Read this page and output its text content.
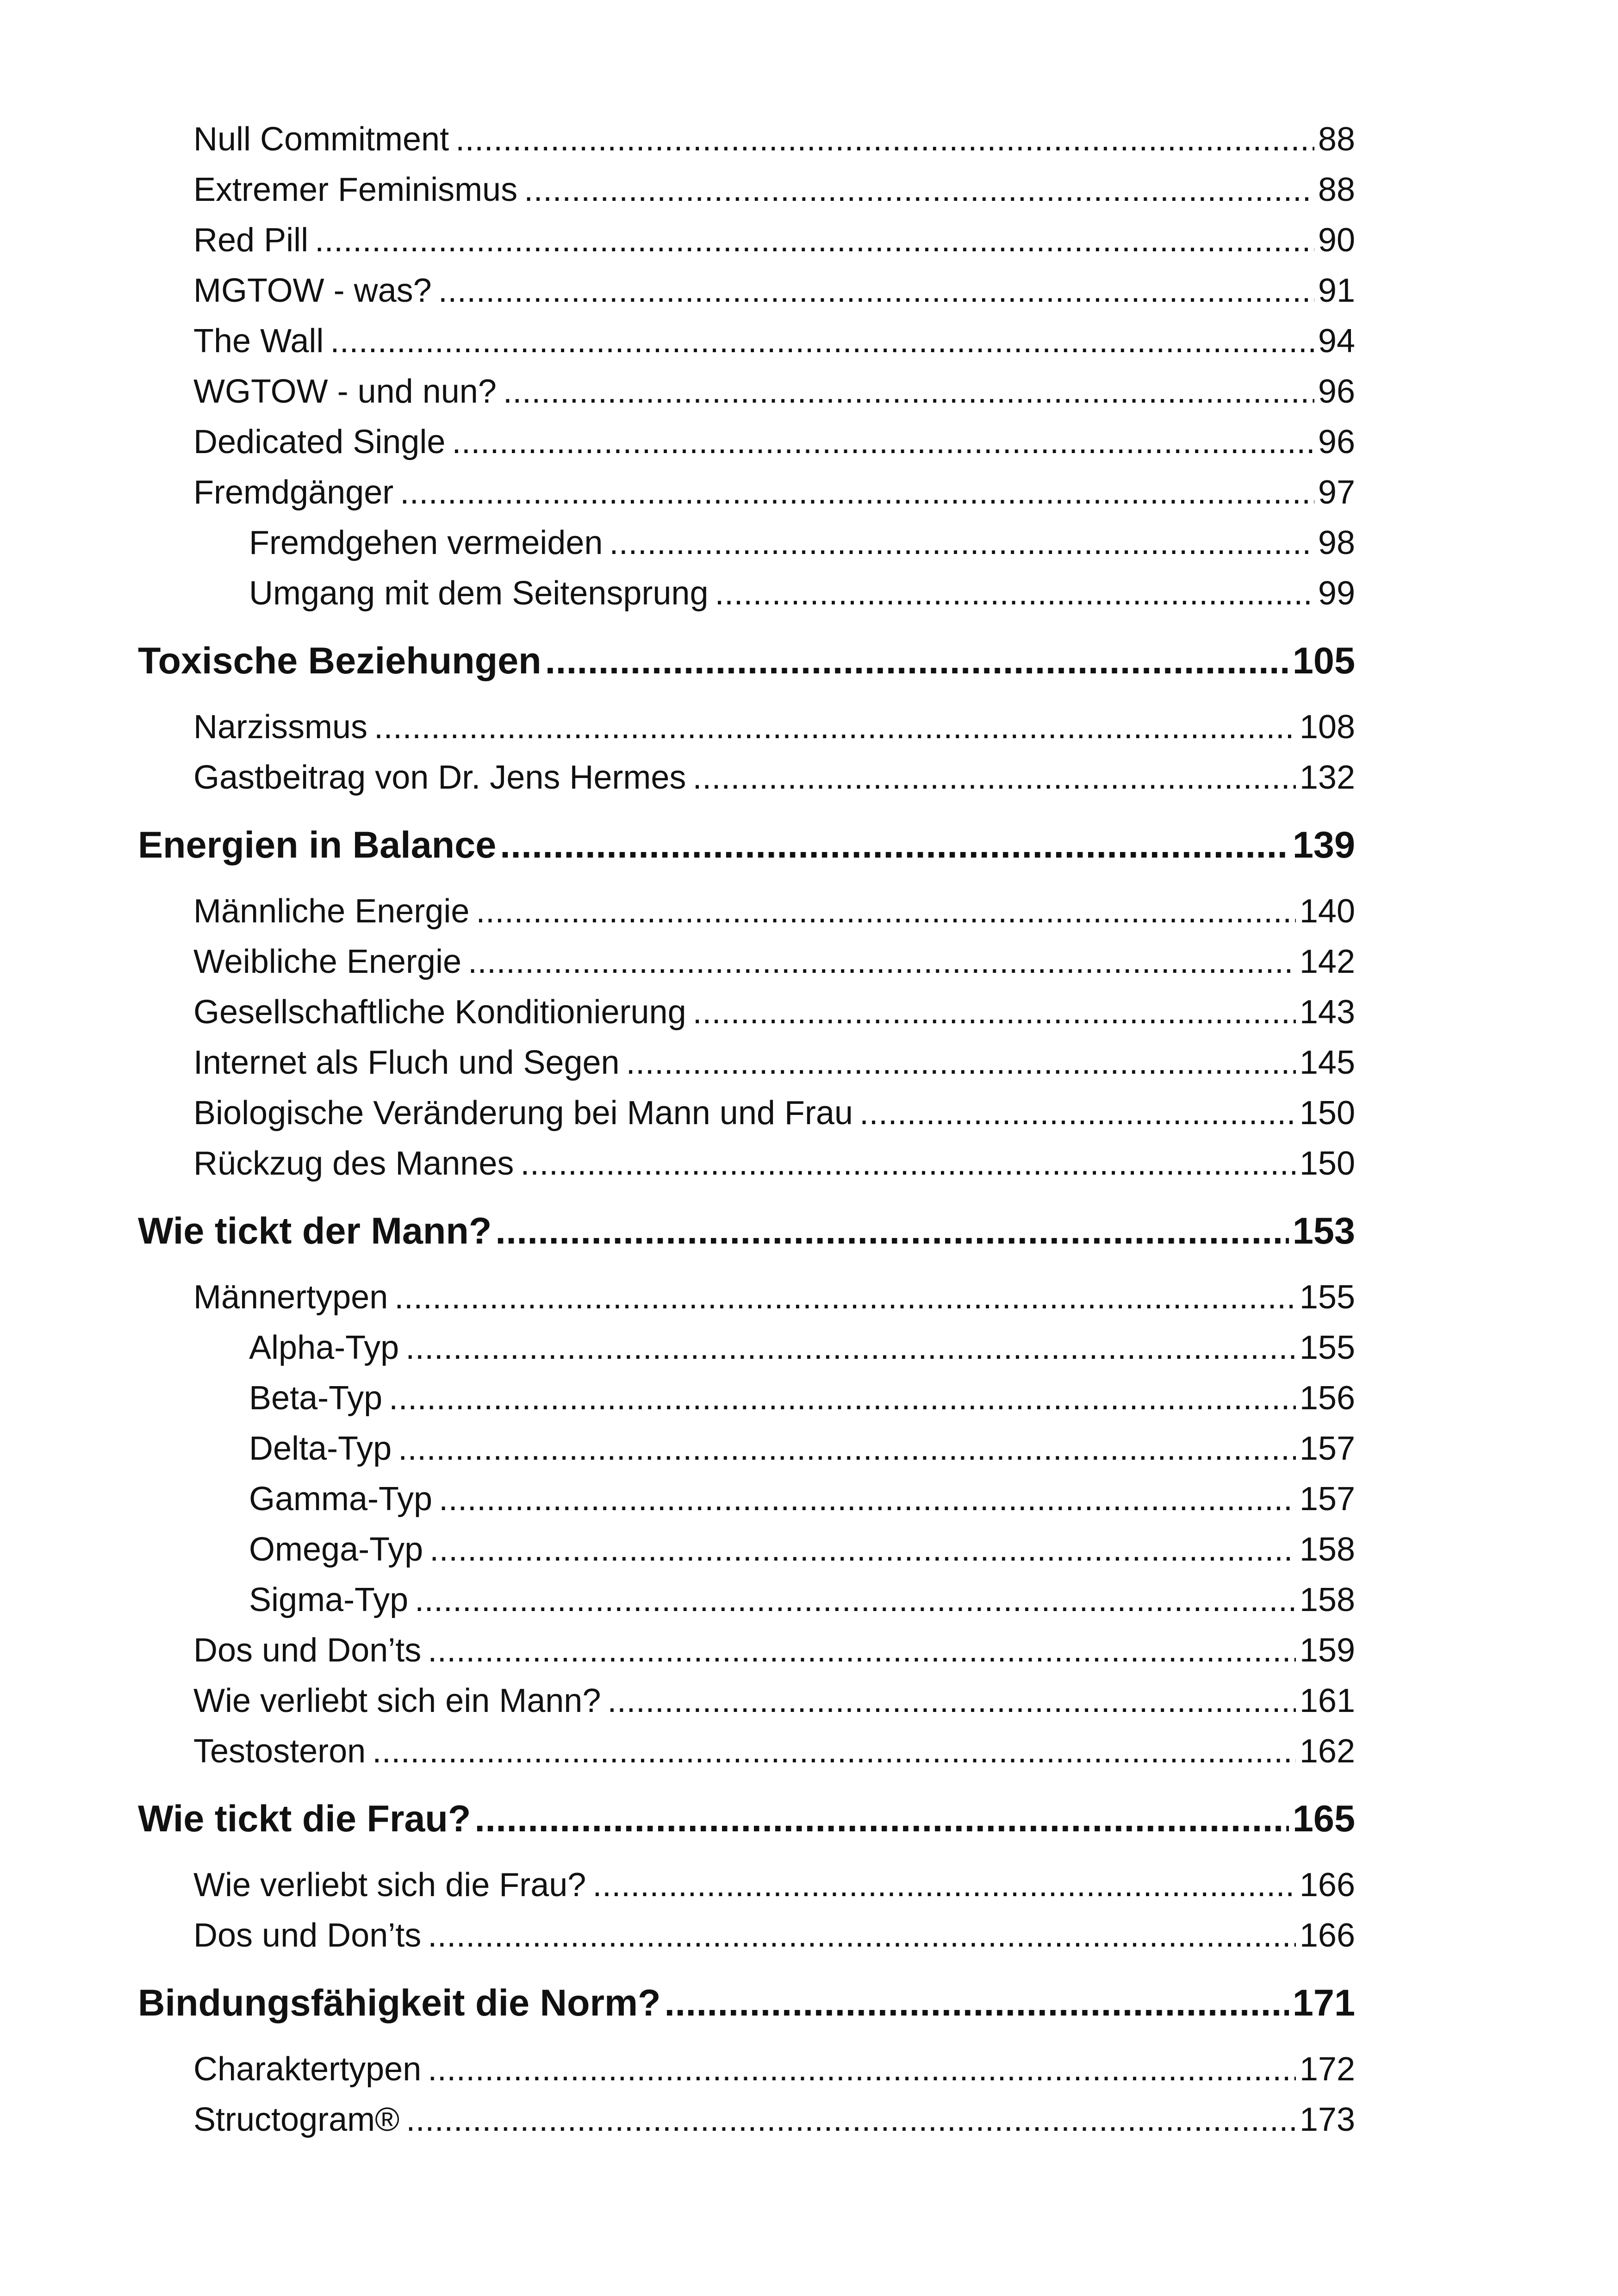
Null Commitment .....	88
Extremer Feminismus .....	88
Red Pill .....	90
MGTOW - was? .....	91
The Wall .....	94
WGTOW - und nun? .....	96
Dedicated Single .....	96
Fremdgänger .....	97
Fremdgehen vermeiden .....	98
Umgang mit dem Seitensprung .....	99
Toxische Beziehungen .....	105
Narzissmus .....	108
Gastbeitrag von Dr. Jens Hermes .....	132
Energien in Balance .....	139
Männliche Energie .....	140
Weibliche Energie .....	142
Gesellschaftliche Konditionierung .....	143
Internet als Fluch und Segen .....	145
Biologische Veränderung bei Mann und Frau .....	150
Rückzug des Mannes .....	150
Wie tickt der Mann? .....	153
Männertypen .....	155
Alpha-Typ .....	155
Beta-Typ .....	156
Delta-Typ .....	157
Gamma-Typ .....	157
Omega-Typ .....	158
Sigma-Typ .....	158
Dos und Don’ts .....	159
Wie verliebt sich ein Mann? .....	161
Testosteron .....	162
Wie tickt die Frau? .....	165
Wie verliebt sich die Frau? .....	166
Dos und Don’ts .....	166
Bindungsfähigkeit die Norm? .....	171
Charaktertypen .....	172
Structogram® .....	173
